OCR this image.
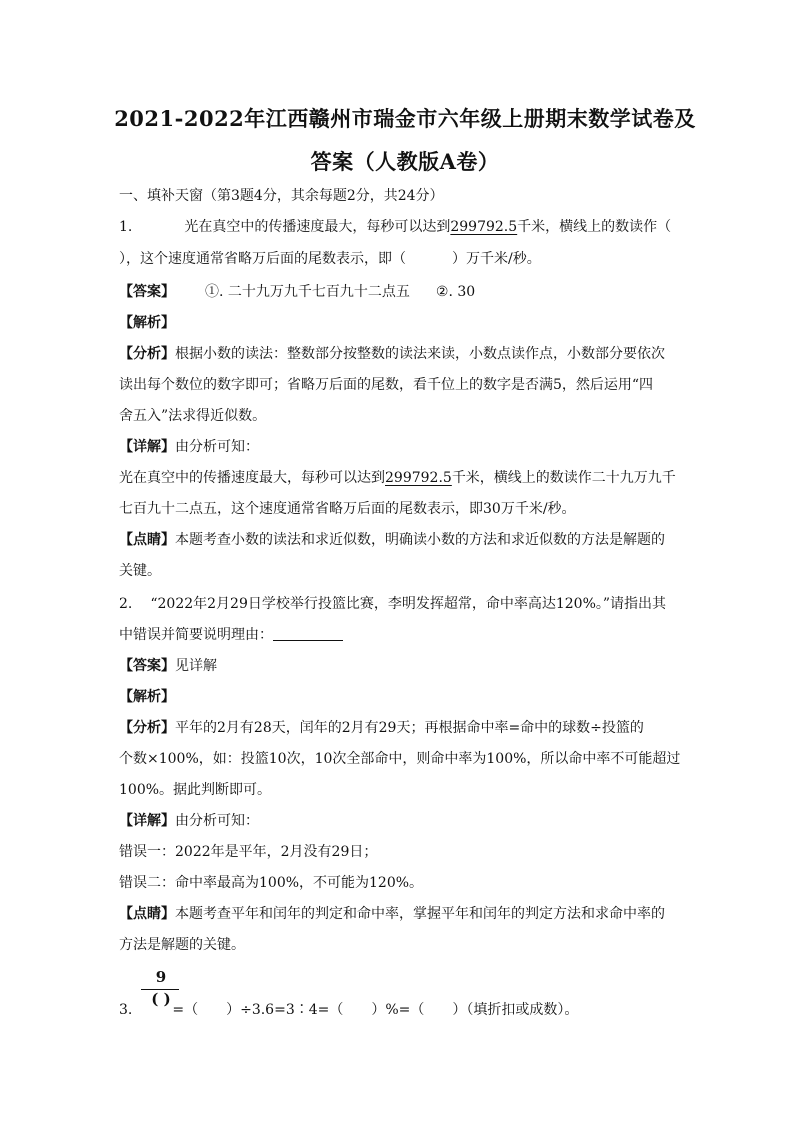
2021-2022年江西赣州市瑞金市六年级上册期末数学试卷及
答案（人教版A卷）
一、填补天窗（第3题4分，其余每题2分，共24分）
1.	光在真空中的传播速度最大，每秒可以达到299792.5千米，横线上的数读作（
），这个速度通常省略万后面的尾数表示，即（	）万千米/秒。
【答案】 ①. 二十九万九千七百九十二点五 ②. 30
【解析】
【分析】根据小数的读法：整数部分按整数的读法来读，小数点读作点，小数部分要依次
读出每个数位的数字即可；省略万后面的尾数，看千位上的数字是否满5，然后运用“四
舍五入”法求得近似数。
【详解】由分析可知：
光在真空中的传播速度最大，每秒可以达到299792.5千米，横线上的数读作二十九万九千
七百九十二点五，这个速度通常省略万后面的尾数表示，即30万千米/秒。
【点睛】本题考查小数的读法和求近似数，明确读小数的方法和求近似数的方法是解题的
关键。
2. “2022年2月29日学校举行投篮比赛，李明发挥超常，命中率高达120%。”请指出其
中错误并简要说明理由：
【答案】见详解
【解析】
【分析】平年的2月有28天，闰年的2月有29天；再根据命中率=命中的球数÷投篮的
个数×100%，如：投篮10次，10次全部命中，则命中率为100%，所以命中率不可能超过
100%。据此判断即可。
【详解】由分析可知：
错误一：2022年是平年，2月没有29日；
错误二：命中率最高为100%，不可能为120%。
【点睛】本题考查平年和闰年的判定和命中率，掌握平年和闰年的判定方法和求命中率的
方法是解题的关键。
9
( )
3.	=（　　）÷3.6=3∶4=（　　）%=（　　）（填折扣或成数）。
